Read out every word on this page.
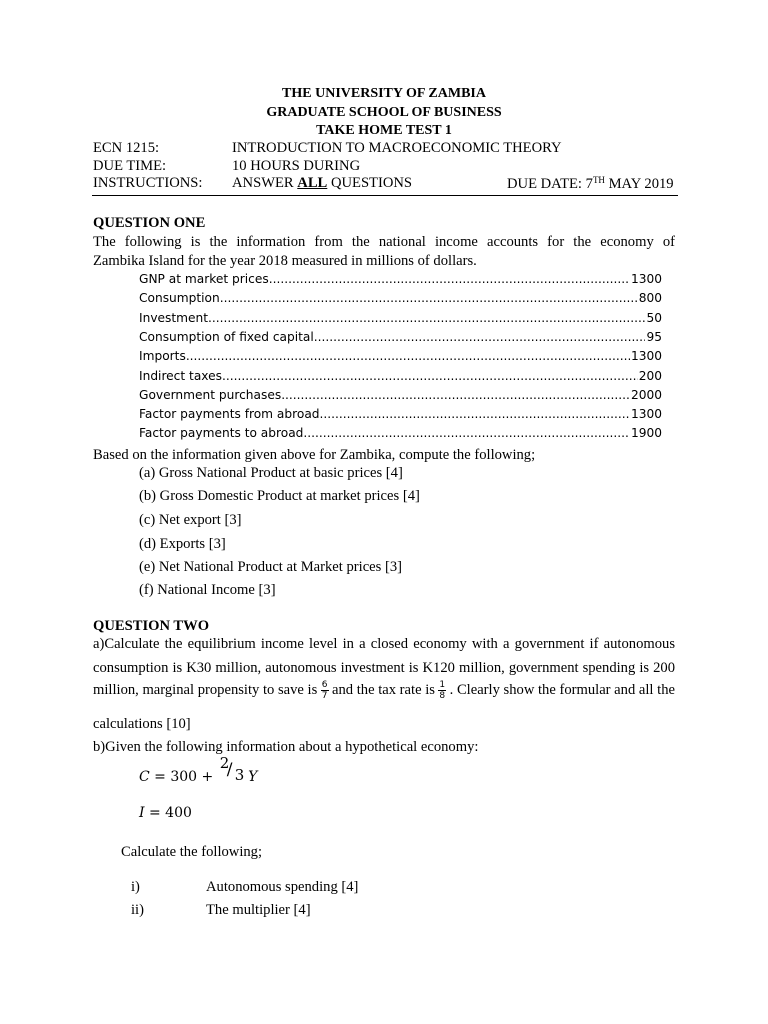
THE UNIVERSITY OF ZAMBIA
GRADUATE SCHOOL OF BUSINESS
TAKE HOME TEST 1
ECN 1215:	INTRODUCTION TO MACROECONOMIC THEORY
DUE TIME:	10 HOURS DURING
INSTRUCTIONS: ANSWER ALL QUESTIONS	DUE DATE: 7TH MAY 2019
QUESTION ONE
The following is the information from the national income accounts for the economy of
Zambika Island for the year 2018 measured in millions of dollars.
GNP at market prices .....	1300
Consumption .....	800
Investment .....	50
Consumption of fixed capital .....	95
Imports .....	1300
Indirect taxes .....	200
Government purchases .....	2000
Factor payments from abroad .....	1300
Factor payments to abroad .....	1900
Based on the information given above for Zambika, compute the following;
(a) Gross National Product at basic prices [4]
(b) Gross Domestic Product at market prices [4]
(c) Net export [3]
(d) Exports [3]
(e) Net National Product at Market prices [3]
(f) National Income [3]
QUESTION TWO
a)Calculate the equilibrium income level in a closed economy with a government if autonomous
consumption is K30 million, autonomous investment is K120 million, government spending is 200
million, marginal propensity to save is $\frac{6}{7}$ and the tax rate is $\frac{1}{8}$ . Clearly show the formular and all the
calculations [10]
b)Given the following information about a hypothetical economy:
C = 300 +
2
/ 3 Y
I = 400
Calculate the following;
i)	Autonomous spending [4]
ii)	The multiplier [4]
